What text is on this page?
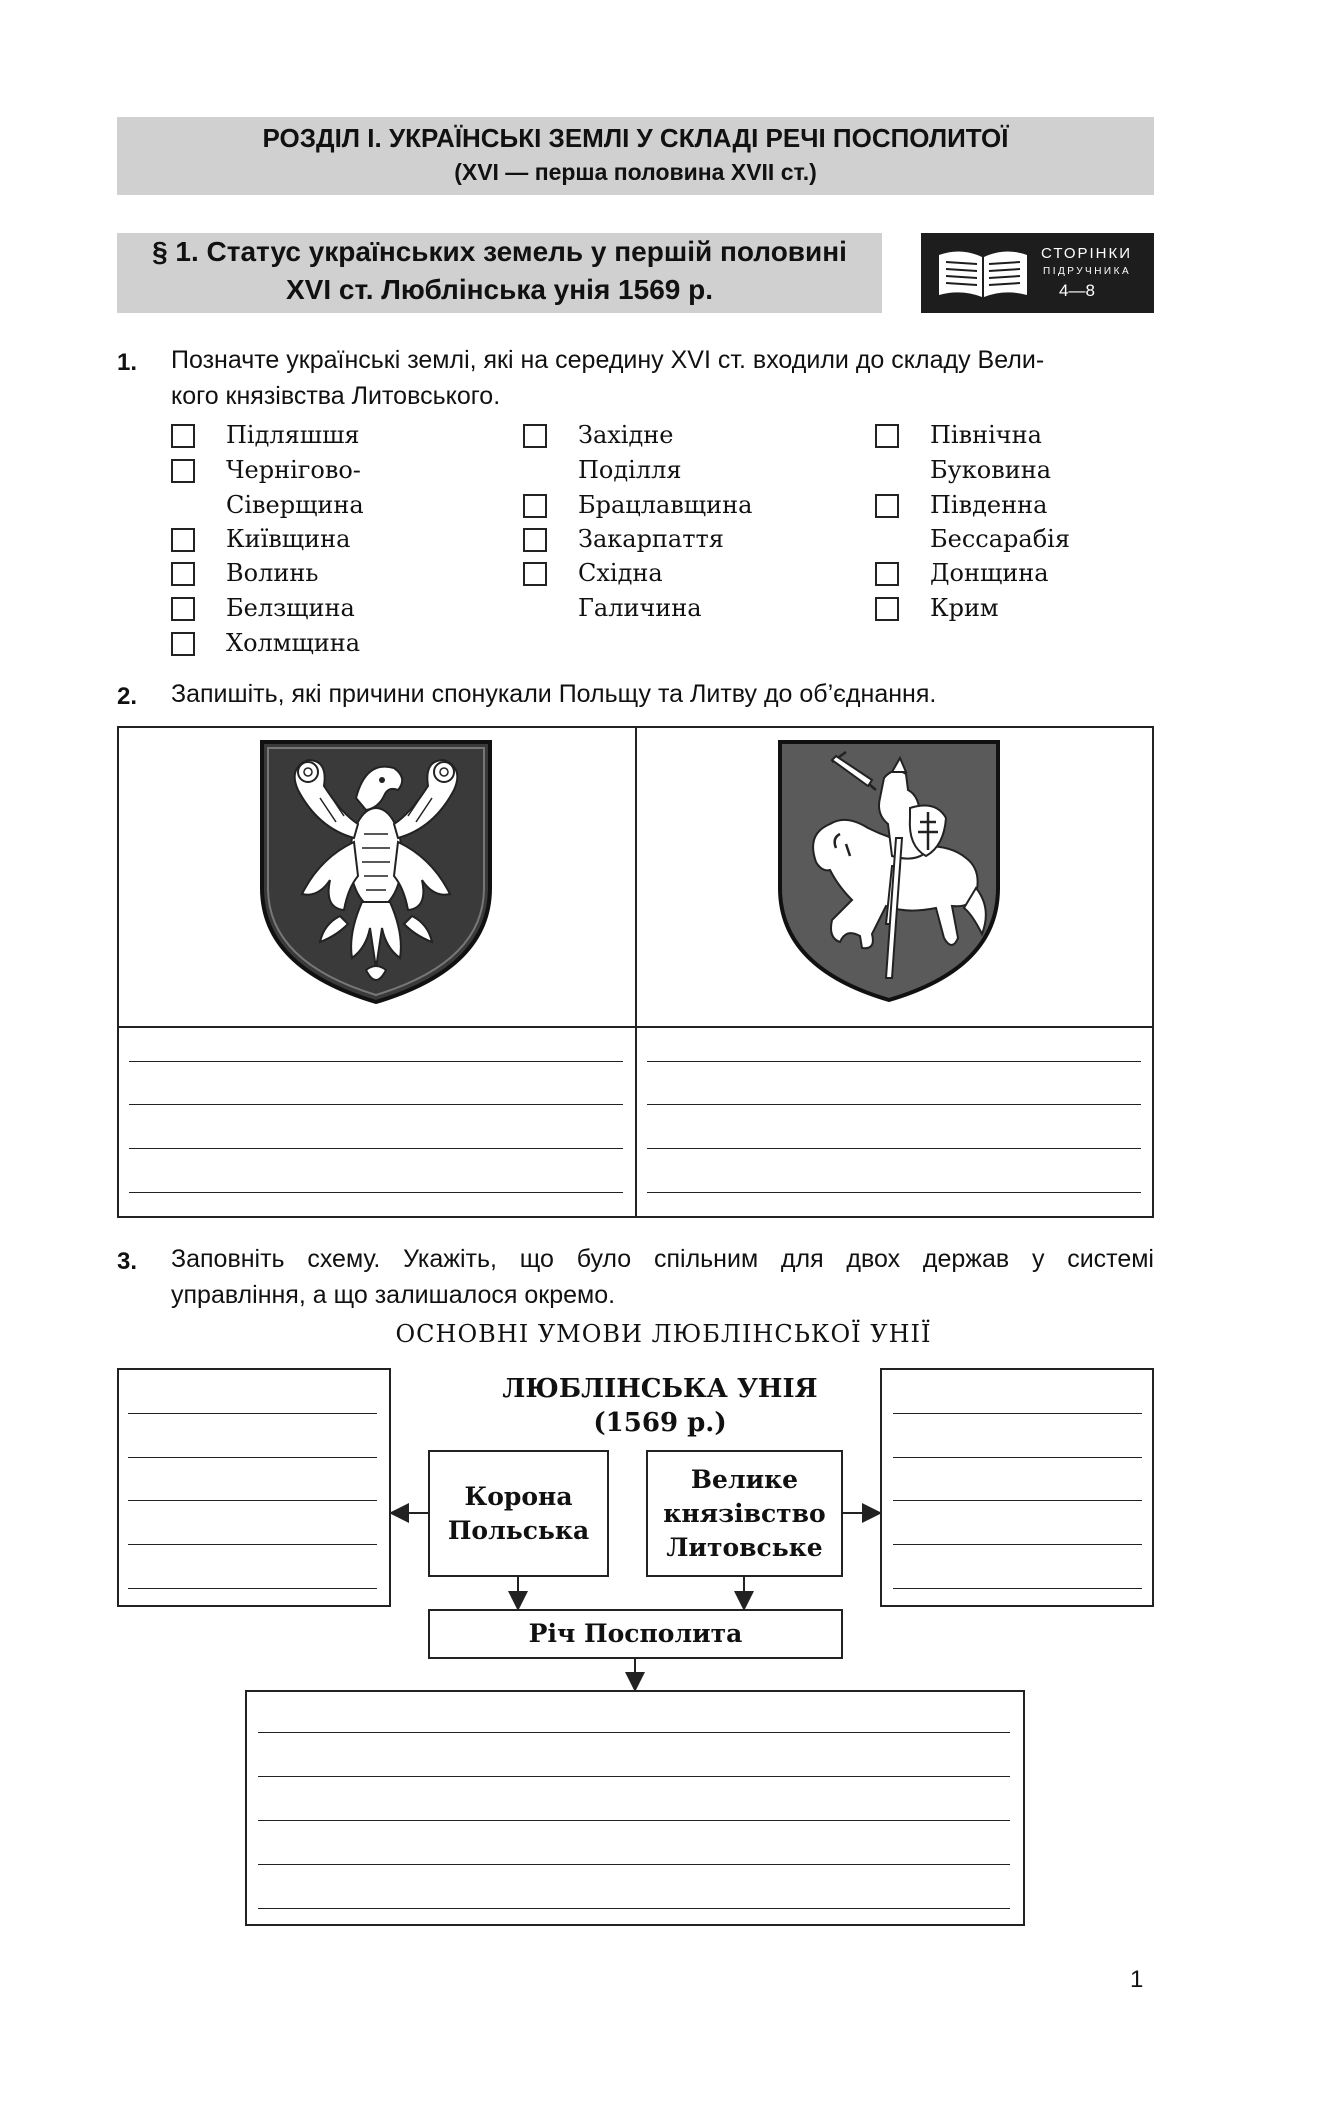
РОЗДІЛ І. УКРАЇНСЬКІ ЗЕМЛІ У СКЛАДІ РЕЧІ ПОСПОЛИТОЇ
(XVI — перша половина XVII ст.)
§ 1. Статус українських земель у першій половині
XVI ст. Люблінська унія 1569 р.
СТОРІНКИ
ПІДРУЧНИКА
4—8
1. Позначте українські землі, які на середину XVI ст. входили до складу Вели-
кого князівства Литовського.
Підляшшя
Чернігово-
Сіверщина
Київщина
Волинь
Белзщина
Холмщина
Західне
Поділля
Брацлавщина
Закарпаття
Східна
Галичина
Північна
Буковина
Південна
Бессарабія
Донщина
Крим
2. Запишіть, які причини спонукали Польщу та Литву до об’єднання.
3. Заповніть схему. Укажіть, що було спільним для двох держав у системі
управління, а що залишалося окремо.
ОСНОВНІ УМОВИ ЛЮБЛІНСЬКОЇ УНІЇ
ЛЮБЛІНСЬКА УНІЯ
(1569 р.)
Корона
Польська
Велике
князівство
Литовське
Річ Посполита
1
